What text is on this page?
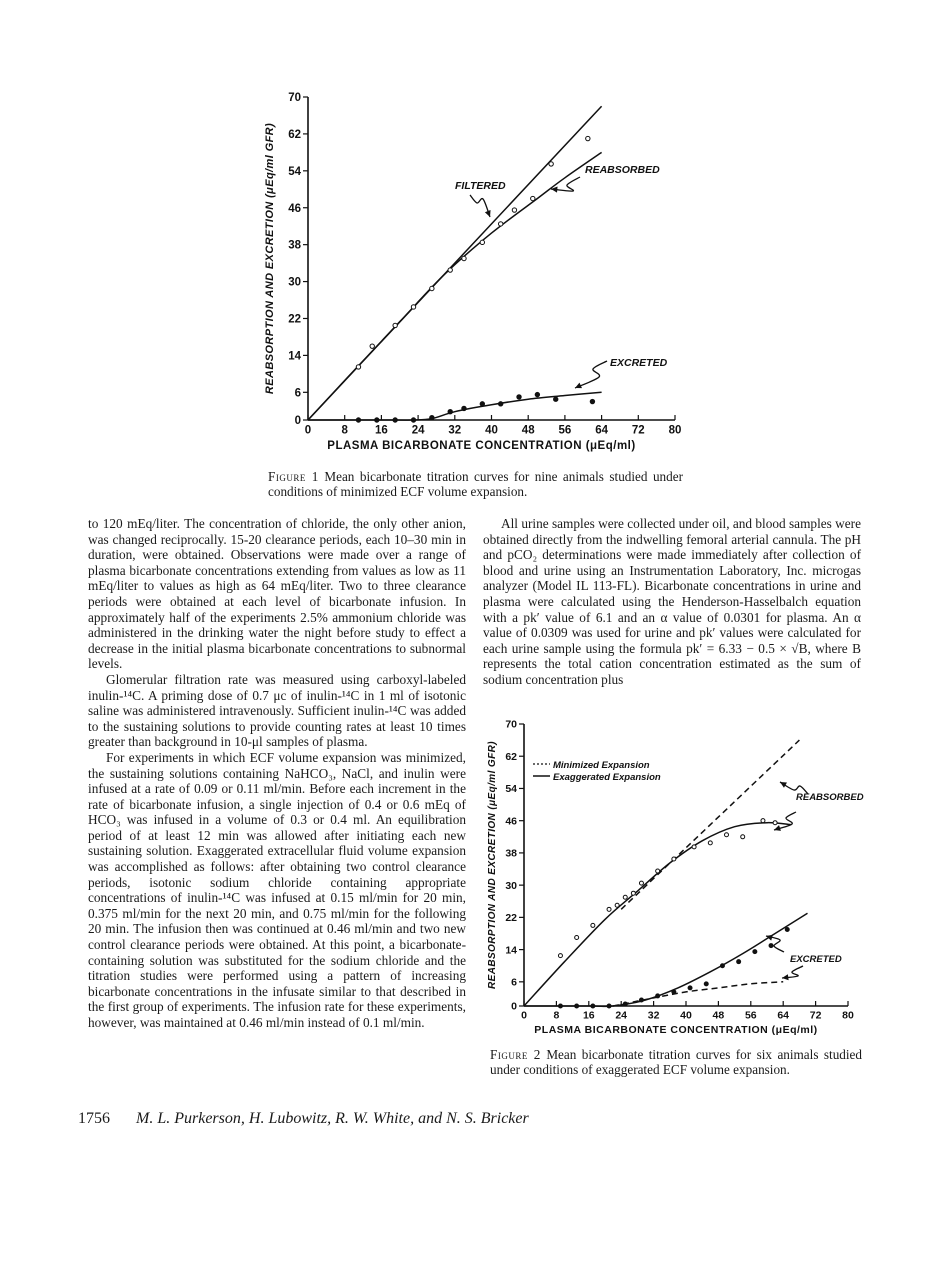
0	8 16 24 32 40 48 56 64 72 80
0
6
14
22
30
38
46
54
62
70
PLASMA BICARBONATE CONCENTRATION (μEq/ml)
REABSORPTION AND EXCRETION (μEq/ml GFR)	FILTERED
REABSORBED
EXCRETED
Figure 1 Mean bicarbonate titration curves for nine animals studied under conditions of minimized ECF volume expansion.

to 120 mEq/liter. The concentration of chloride, the only other anion, was changed reciprocally. 15-20 clearance periods, each 10–30 min in duration, were obtained. Observations were made over a range of plasma bicarbonate concentrations extending from values as low as 11 mEq/liter to values as high as 64 mEq/liter. Two to three clearance periods were obtained at each level of bicarbonate infusion. In approximately half of the experiments 2.5% ammonium chloride was administered in the drinking water the night before study to effect a decrease in the initial plasma bicarbonate concentrations to subnormal levels.

Glomerular filtration rate was measured using carboxyl-labeled inulin-¹⁴C. A priming dose of 0.7 μc of inulin-¹⁴C in 1 ml of isotonic saline was administered intravenously. Sufficient inulin-¹⁴C was added to the sustaining solutions to provide counting rates at least 10 times greater than background in 10-μl samples of plasma.

For experiments in which ECF volume expansion was minimized, the sustaining solutions containing NaHCO₃, NaCl, and inulin were infused at a rate of 0.09 or 0.11 ml/min. Before each increment in the rate of bicarbonate infusion, a single injection of 0.4 or 0.6 mEq of HCO₃ was infused in a volume of 0.3 or 0.4 ml. An equilibration period of at least 12 min was allowed after initiating each new sustaining solution. Exaggerated extracellular fluid volume expansion was accomplished as follows: after obtaining two control clearance periods, isotonic sodium chloride containing appropriate concentrations of inulin-¹⁴C was infused at 0.15 ml/min for 20 min, 0.375 ml/min for the next 20 min, and 0.75 ml/min for the following 20 min. The infusion then was continued at 0.46 ml/min and two new control clearance periods were obtained. At this point, a bicarbonate-containing solution was substituted for the sodium chloride and the titration studies were performed using a pattern of increasing bicarbonate concentrations in the infusate similar to that described in the first group of experiments. The infusion rate for these experiments, however, was maintained at 0.46 ml/min instead of 0.1 ml/min.

All urine samples were collected under oil, and blood samples were obtained directly from the indwelling femoral arterial cannula. The pH and pCO₂ determinations were made immediately after collection of blood and urine using an Instrumentation Laboratory, Inc. microgas analyzer (Model IL 113-FL). Bicarbonate concentrations in urine and plasma were calculated using the Henderson-Hasselbalch equation with a pk′ value of 6.1 and an α value of 0.0301 for plasma. An α value of 0.0309 was used for urine and pk′ values were calculated for each urine sample using the formula pk′ = 6.33 − 0.5 × √B, where B represents the total cation concentration estimated as the sum of sodium concentration plus

0	8 16 24 32 40 48 56 64 72 80
0
6
14
22
30
38
46
54
62
70
PLASMA BICARBONATE CONCENTRATION (μEq/ml)
REABSORPTION AND EXCRETION (μEq/ml GFR)	Minimized Expansion
Exaggerated Expansion
REABSORBED
EXCRETED
Figure 2 Mean bicarbonate titration curves for six animals studied under conditions of exaggerated ECF volume expansion.
1756 M. L. Purkerson, H. Lubowitz, R. W. White, and N. S. Bricker
